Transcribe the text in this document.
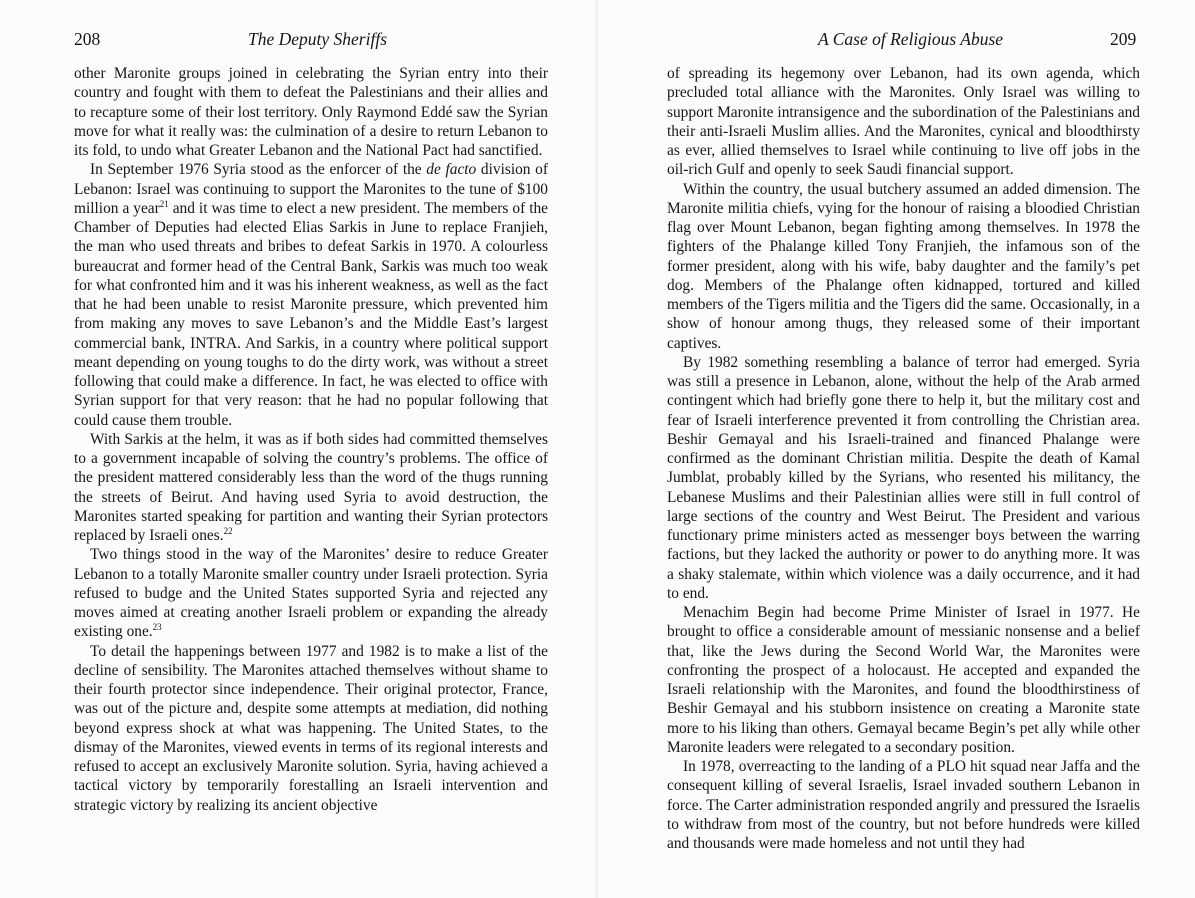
208	The Deputy Sheriffs

other Maronite groups joined in celebrating the Syrian entry into their country and fought with them to defeat the Palestinians and their allies and to recapture some of their lost territory. Only Raymond Eddé saw the Syrian move for what it really was: the culmination of a desire to return Lebanon to its fold, to undo what Greater Lebanon and the National Pact had sanctified.

In September 1976 Syria stood as the enforcer of the de facto division of Lebanon: Israel was continuing to support the Maronites to the tune of $100 million a year$^{21}$ and it was time to elect a new president. The members of the Chamber of Deputies had elected Elias Sarkis in June to replace Franjieh, the man who used threats and bribes to defeat Sarkis in 1970. A colourless bureaucrat and former head of the Central Bank, Sarkis was much too weak for what confronted him and it was his inherent weakness, as well as the fact that he had been unable to resist Maronite pressure, which prevented him from making any moves to save Lebanon’s and the Middle East’s largest commercial bank, INTRA. And Sarkis, in a country where political support meant depending on young toughs to do the dirty work, was without a street following that could make a difference. In fact, he was elected to office with Syrian support for that very reason: that he had no popular following that could cause them trouble.

With Sarkis at the helm, it was as if both sides had committed themselves to a government incapable of solving the country’s problems. The office of the president mattered considerably less than the word of the thugs running the streets of Beirut. And having used Syria to avoid destruction, the Maronites started speaking for partition and wanting their Syrian protectors replaced by Israeli ones.$^{22}$

Two things stood in the way of the Maronites’ desire to reduce Greater Lebanon to a totally Maronite smaller country under Israeli protection. Syria refused to budge and the United States supported Syria and rejected any moves aimed at creating another Israeli problem or expanding the already existing one.$^{23}$

To detail the happenings between 1977 and 1982 is to make a list of the decline of sensibility. The Maronites attached themselves without shame to their fourth protector since independence. Their original protector, France, was out of the picture and, despite some attempts at mediation, did nothing beyond express shock at what was happening. The United States, to the dismay of the Maronites, viewed events in terms of its regional interests and refused to accept an exclusively Maronite solution. Syria, having achieved a tactical victory by temporarily forestalling an Israeli intervention and strategic victory by realizing its ancient objective

A Case of Religious Abuse	209

of spreading its hegemony over Lebanon, had its own agenda, which precluded total alliance with the Maronites. Only Israel was willing to support Maronite intransigence and the subordination of the Palestinians and their anti-Israeli Muslim allies. And the Maronites, cynical and bloodthirsty as ever, allied themselves to Israel while continuing to live off jobs in the oil-rich Gulf and openly to seek Saudi financial support.

Within the country, the usual butchery assumed an added dimension. The Maronite militia chiefs, vying for the honour of raising a bloodied Christian flag over Mount Lebanon, began fighting among themselves. In 1978 the fighters of the Phalange killed Tony Franjieh, the infamous son of the former president, along with his wife, baby daughter and the family’s pet dog. Members of the Phalange often kidnapped, tortured and killed members of the Tigers militia and the Tigers did the same. Occasionally, in a show of honour among thugs, they released some of their important captives.

By 1982 something resembling a balance of terror had emerged. Syria was still a presence in Lebanon, alone, without the help of the Arab armed contingent which had briefly gone there to help it, but the military cost and fear of Israeli interference prevented it from controlling the Christian area. Beshir Gemayal and his Israeli-trained and financed Phalange were confirmed as the dominant Christian militia. Despite the death of Kamal Jumblat, probably killed by the Syrians, who resented his militancy, the Lebanese Muslims and their Palestinian allies were still in full control of large sections of the country and West Beirut. The President and various functionary prime ministers acted as messenger boys between the warring factions, but they lacked the authority or power to do anything more. It was a shaky stalemate, within which violence was a daily occurrence, and it had to end.

Menachim Begin had become Prime Minister of Israel in 1977. He brought to office a considerable amount of messianic nonsense and a belief that, like the Jews during the Second World War, the Maronites were confronting the prospect of a holocaust. He accepted and expanded the Israeli relationship with the Maronites, and found the bloodthirstiness of Beshir Gemayal and his stubborn insistence on creating a Maronite state more to his liking than others. Gemayal became Begin’s pet ally while other Maronite leaders were relegated to a secondary position.

In 1978, overreacting to the landing of a PLO hit squad near Jaffa and the consequent killing of several Israelis, Israel invaded southern Lebanon in force. The Carter administration responded angrily and pressured the Israelis to withdraw from most of the country, but not before hundreds were killed and thousands were made homeless and not until they had
